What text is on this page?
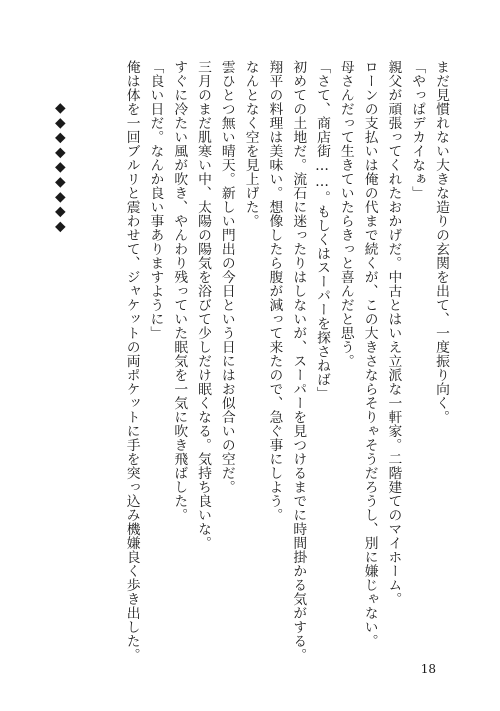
まだ見慣れない大きな造りの玄関を出て、一度振り向く。
「やっぱデカイなぁ」
親父が頑張ってくれたおかげだ。中古とはいえ立派な一軒家。二階建てのマイホーム。
ローンの支払いは俺の代まで続くが、この大きさならそりゃそうだろうし、別に嫌じゃない。
母さんだって生きていたらきっと喜んだと思う。
「さて、商店街……。もしくはスーパーを探さねば」
初めての土地だ。流石に迷ったりはしないが、スーパーを見つけるまでに時間掛かる気がする。
翔平の料理は美味い。想像したら腹が減って来たので、急ぐ事にしよう。
なんとなく空を見上げた。
雲ひとつ無い晴天。新しい門出の今日という日にはお似合いの空だ。
三月のまだ肌寒い中、太陽の陽気を浴びて少しだけ眠くなる。気持ち良いな。
すぐに冷たい風が吹き、やんわり残っていた眠気を一気に吹き飛ばした。
「良い日だ。なんか良い事ありますように」
俺は体を一回ブルリと震わせて、ジャケットの両ポケットに手を突っ込み機嫌良く歩き出した。
◆◆◆◆◆◆◆◆◆
18
